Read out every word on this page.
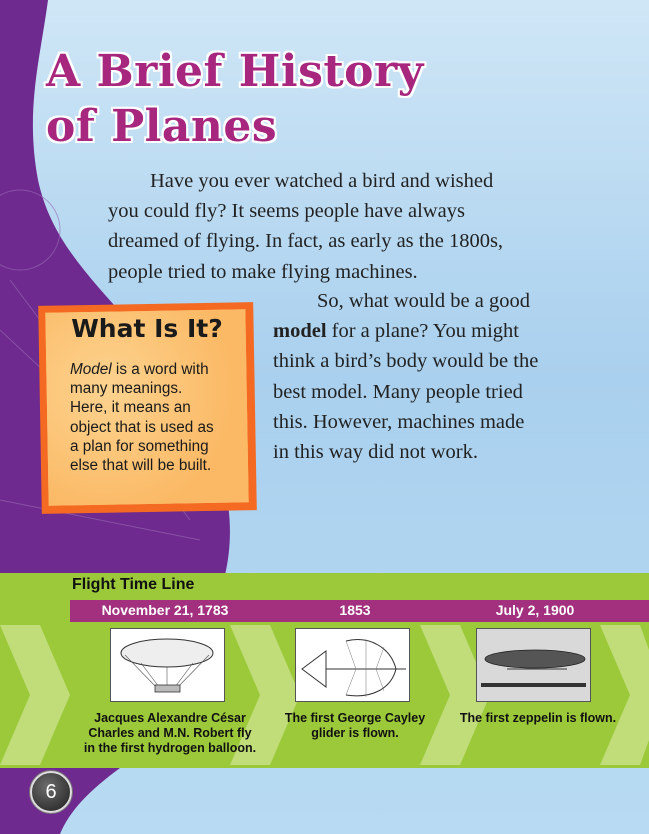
A Brief History
of Planes

Have you ever watched a bird and wished
you could fly? It seems people have always
dreamed of flying. In fact, as early as the 1800s,
people tried to make flying machines.

So, what would be a good
model for a plane? You might
think a bird’s body would be the
best model. Many people tried
this. However, machines made
in this way did not work.

What Is It?

Model is a word with
many meanings.
Here, it means an
object that is used as
a plan for something
else that will be built.

Flight Time Line
November 21, 1783	1853	July 2, 1900

Jacques Alexandre César
Charles and M.N. Robert fly
in the first hydrogen balloon.

The first George Cayley
glider is flown.

The first zeppelin is flown.

6
